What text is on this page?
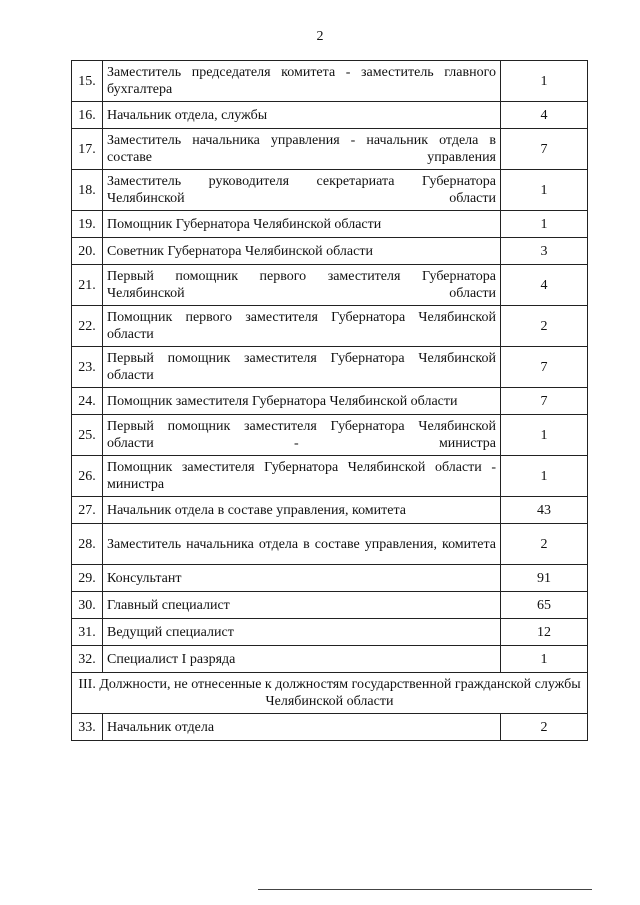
2
15.	Заместитель председателя комитета - заместитель главного бухгалтера	1
16.	Начальник отдела, службы	4
17.	Заместитель начальника управления - начальник отдела в составе управления	7
18.	Заместитель руководителя секретариата Губернатора Челябинской области	1
19.	Помощник Губернатора Челябинской области	1
20.	Советник Губернатора Челябинской области	3
21.	Первый помощник первого заместителя Губернатора Челябинской области	4
22.	Помощник первого заместителя Губернатора Челябинской области	2
23.	Первый помощник заместителя Губернатора Челябинской области	7
24.	Помощник заместителя Губернатора Челябинской области	7
25.	Первый помощник заместителя Губернатора Челябинской области - министра	1
26.	Помощник заместителя Губернатора Челябинской области - министра	1
27.	Начальник отдела в составе управления, комитета	43
28.	Заместитель начальника отдела в составе управления, комитета	2
29.	Консультант	91
30.	Главный специалист	65
31.	Ведущий специалист	12
32.	Специалист I разряда	1
III. Должности, не отнесенные к должностям государственной гражданской службы Челябинской области		
33.	Начальник отдела	2
